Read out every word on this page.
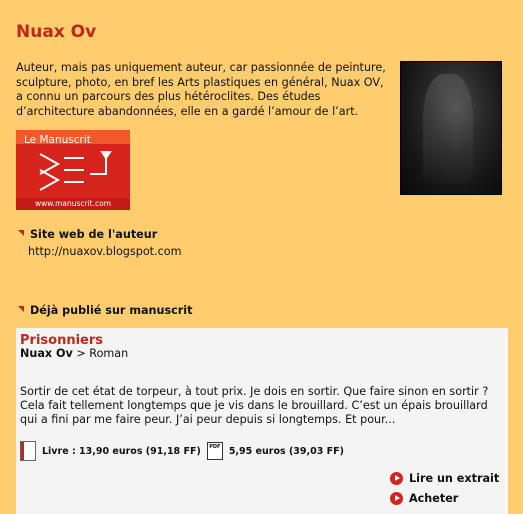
Nuax Ov
Auteur, mais pas uniquement auteur, car passionnée de peinture, sculpture, photo, en bref les Arts plastiques en général, Nuax OV, a connu un parcours des plus hétéroclites. Des études d’architecture abandonnées, elle en a gardé l’amour de l’art.
Le Manuscrit
www.manuscrit.com
Site web de l'auteur
http://nuaxov.blogspot.com
Déjà publié sur manuscrit
Prisonniers
Nuax Ov > Roman
Sortir de cet état de torpeur, à tout prix. Je dois en sortir. Que faire sinon en sortir ? Cela fait tellement longtemps que je vis dans le brouillard. C’est un épais brouillard qui a fini par me faire peur. J’ai peur depuis si longtemps. Et pour...
Livre : 13,90 euros (91,18 FF)	PDF 5,95 euros (39,03 FF)
Lire un extrait
Acheter
